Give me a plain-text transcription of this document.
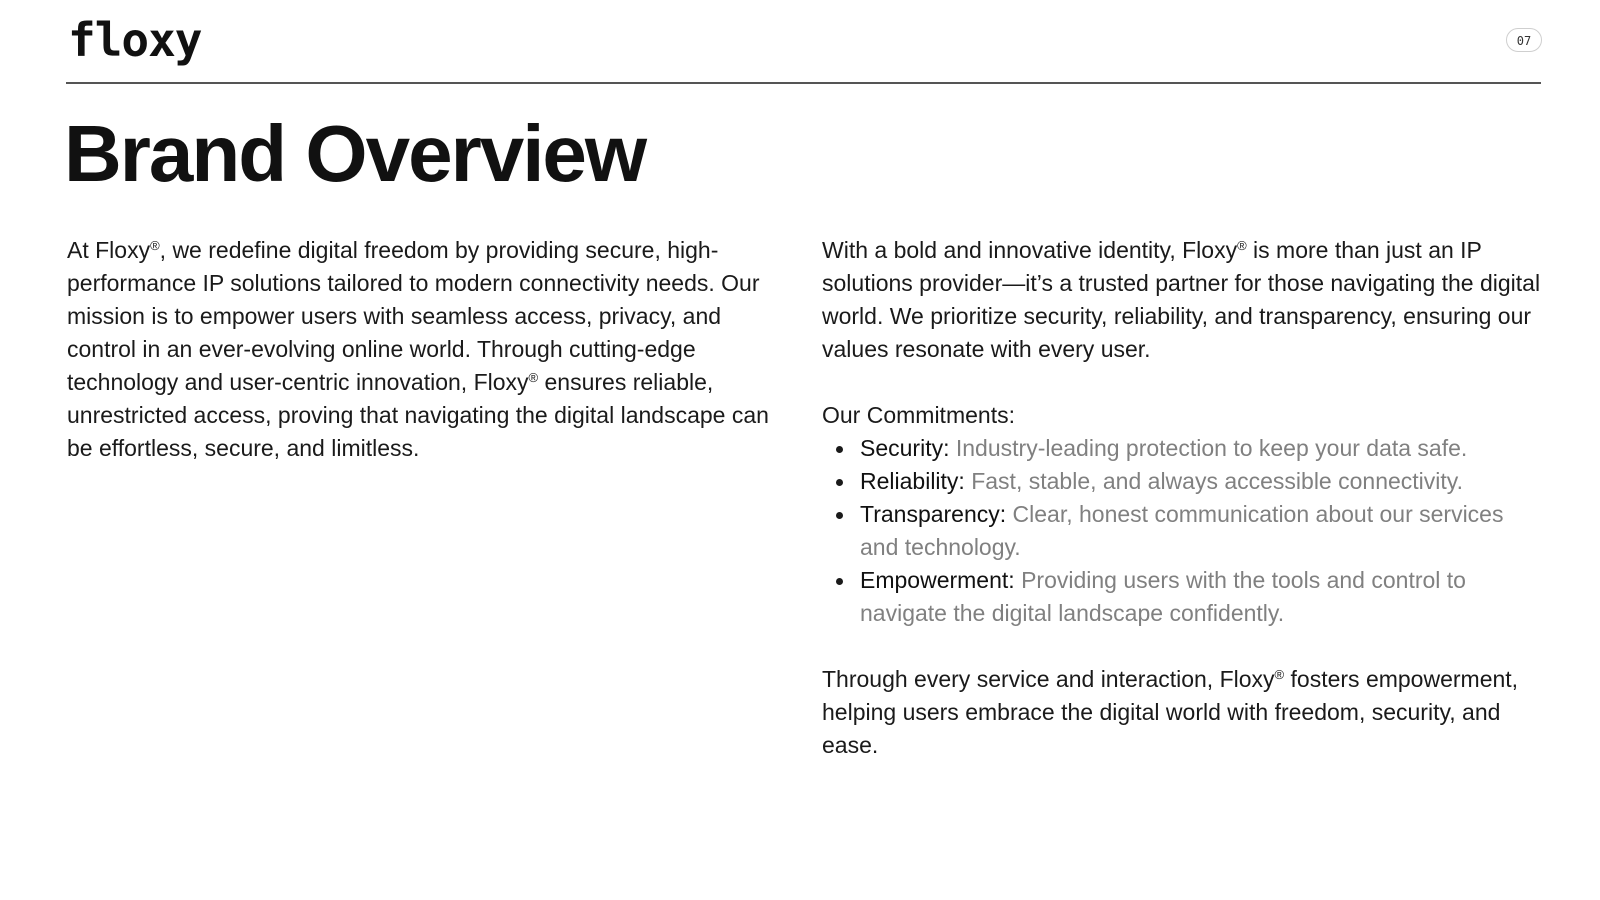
floxy	07
Brand Overview

At Floxy®, we redefine digital freedom by providing secure, high-performance IP solutions tailored to modern connectivity needs. Our mission is to empower users with seamless access, privacy, and control in an ever-evolving online world. Through cutting-edge technology and user-centric innovation, Floxy® ensures reliable, unrestricted access, proving that navigating the digital landscape can be effortless, secure, and limitless.

With a bold and innovative identity, Floxy® is more than just an IP solutions provider—it’s a trusted partner for those navigating the digital world. We prioritize security, reliability, and transparency, ensuring our values resonate with every user.

Our Commitments:

Security: Industry-leading protection to keep your data safe.
Reliability: Fast, stable, and always accessible connectivity.
Transparency: Clear, honest communication about our services and technology.
Empowerment: Providing users with the tools and control to navigate the digital landscape confidently.

Through every service and interaction, Floxy® fosters empowerment, helping users embrace the digital world with freedom, security, and ease.
